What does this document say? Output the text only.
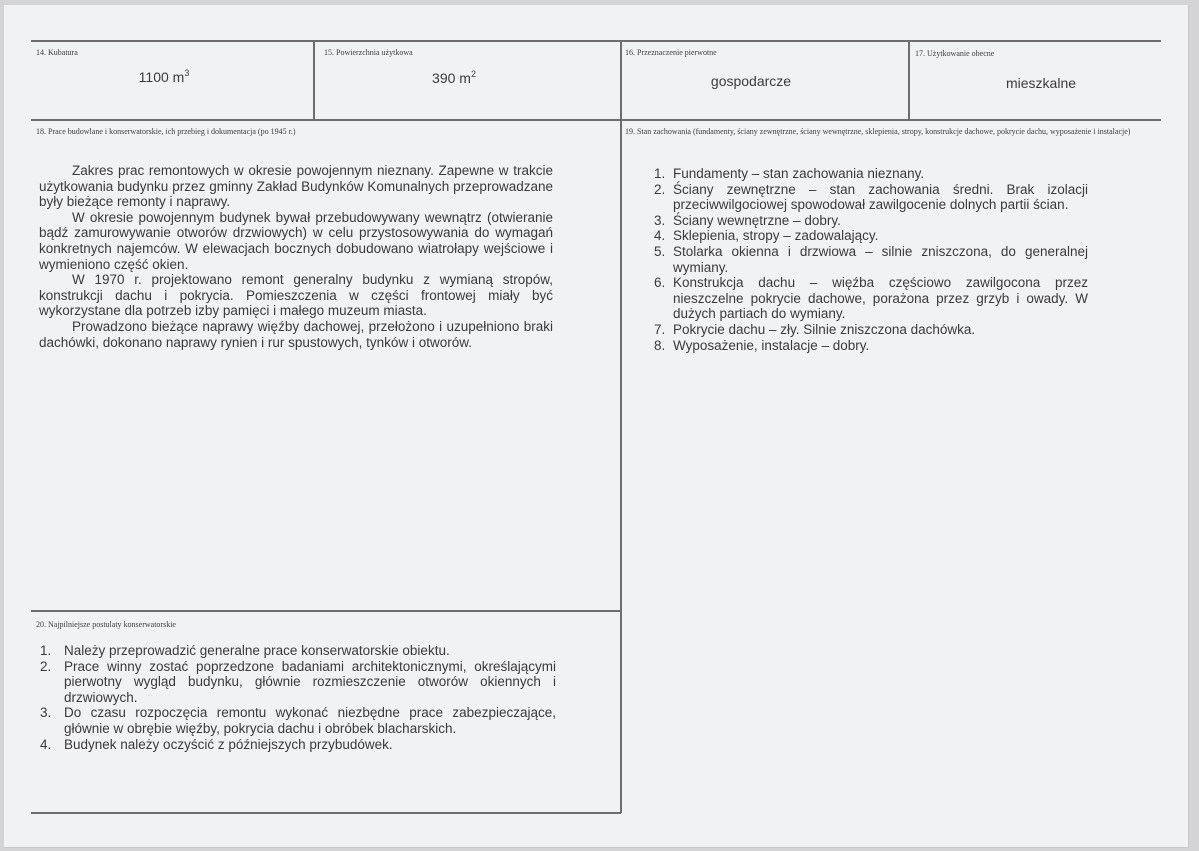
14. Kubatura
1100 $m^3$
15. Powierzchnia użytkowa
390 $m^2$
16. Przeznaczenie pierwotne
gospodarcze
17. Użytkowanie obecne
mieszkalne
18. Prace budowlane i konserwatorskie, ich przebieg i dokumentacja (po 1945 r.)

Zakres prac remontowych w okresie powojennym nieznany. Zapewne w trakcie użytkowania budynku przez gminny Zakład Budynków Komunalnych przeprowadzane były bieżące remonty i naprawy.

W okresie powojennym budynek bywał przebudowywany wewnątrz (otwieranie bądź zamurowywanie otworów drzwiowych) w celu przystosowywania do wymagań konkretnych najemców. W elewacjach bocznych dobudowano wiatrołapy wejściowe i wymieniono część okien.

W 1970 r. projektowano remont generalny budynku z wymianą stropów, konstrukcji dachu i pokrycia. Pomieszczenia w części frontowej miały być wykorzystane dla potrzeb izby pamięci i małego muzeum miasta.

Prowadzono bieżące naprawy więźby dachowej, przełożono i uzupełniono braki dachówki, dokonano naprawy rynien i rur spustowych, tynków i otworów.

19. Stan zachowania (fundamenty, ściany zewnętrzne, ściany wewnętrzne, sklepienia, stropy, konstrukcje dachowe, pokrycie dachu, wyposażenie i instalacje)
1. Fundamenty – stan zachowania nieznany.
2. Ściany zewnętrzne – stan zachowania średni. Brak izolacji przeciwwilgociowej spowodował zawilgocenie dolnych partii ścian.
3. Ściany wewnętrzne – dobry.
4. Sklepienia, stropy – zadowalający.
5. Stolarka okienna i drzwiowa – silnie zniszczona, do generalnej wymiany.
6. Konstrukcja dachu – więźba częściowo zawilgocona przez nieszczelne pokrycie dachowe, porażona przez grzyb i owady. W dużych partiach do wymiany.
7. Pokrycie dachu – zły. Silnie zniszczona dachówka.
8. Wyposażenie, instalacje – dobry.
20. Najpilniejsze postulaty konserwatorskie
1. Należy przeprowadzić generalne prace konserwatorskie obiektu.
2. Prace winny zostać poprzedzone badaniami architektonicznymi, określającymi pierwotny wygląd budynku, głównie rozmieszczenie otworów okiennych i drzwiowych.
3. Do czasu rozpoczęcia remontu wykonać niezbędne prace zabezpieczające, głównie w obrębie więźby, pokrycia dachu i obróbek blacharskich.
4. Budynek należy oczyścić z późniejszych przybudówek.
